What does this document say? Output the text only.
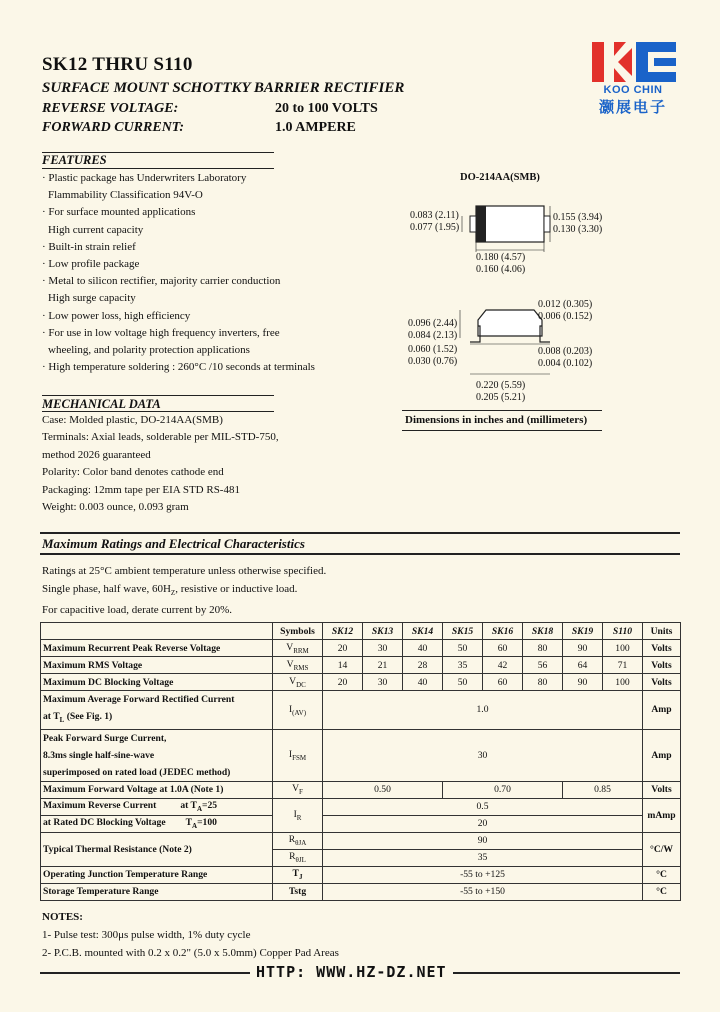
SK12 THRU S110
SURFACE MOUNT SCHOTTKY BARRIER RECTIFIER
REVERSE VOLTAGE:	20 to 100 VOLTS
FORWARD CURRENT:	1.0 AMPERE
KOO CHIN
灏展电子
FEATURES
· Plastic package has Underwriters Laboratory
Flammability Classification 94V-O
· For surface mounted applications
High current capacity
· Built-in strain relief
· Low profile package
· Metal to silicon rectifier, majority carrier conduction
High surge capacity
· Low power loss, high efficiency
· For use in low voltage high frequency inverters, free
wheeling, and polarity protection applications
· High temperature soldering : 260°C /10 seconds at terminals
MECHANICAL DATA
Case: Molded plastic, DO-214AA(SMB)
Terminals: Axial leads, solderable per MIL-STD-750,
method 2026 guaranteed
Polarity: Color band denotes cathode end
Packaging: 12mm tape per EIA STD RS-481
Weight: 0.003 ounce, 0.093 gram
DO-214AA(SMB)
0.083 (2.11)
0.077 (1.95)
0.155 (3.94)
0.130 (3.30)
0.180 (4.57)
0.160 (4.06)
0.012 (0.305)
0.006 (0.152)
0.096 (2.44)
0.084 (2.13)
0.060 (1.52)
0.030 (0.76)
0.008 (0.203)
0.004 (0.102)
0.220 (5.59)
0.205 (5.21)
Dimensions in inches and (millimeters)
Maximum Ratings and Electrical Characteristics
Ratings at 25°C ambient temperature unless otherwise specified.
Single phase, half wave, $60H_Z$, resistive or inductive load.
For capacitive load, derate current by 20%.
	Symbols	SK12	SK13	SK14	SK15	SK16	SK18	SK19	S110	Units
Maximum Recurrent Peak Reverse Voltage	$V_{RRM}$	20	30	40	50	60	80	90	100	Volts
Maximum RMS Voltage	$V_{RMS}$	14	21	28	35	42	56	64	71	Volts
Maximum DC Blocking Voltage	$V_{DC}$	20	30	40	50	60	80	90	100	Volts

Maximum Average Forward Rectified Current
at $T_L$ (See Fig. 1)	$I_{(AV)}$	1.0								Amp

Peak Forward Surge Current,
8.3ms single half-sine-wave
superimposed on rated load (JEDEC method)	$I_{FSM}$	30								Amp
Maximum Forward Voltage at 1.0A (Note 1)	$V_F$	0.50			0.70			0.85		Volts
Maximum Reverse Current at $T_A=25$	$I_R$	0.5								mAmp
at Rated DC Blocking Voltage $T_A=100$		20								
Typical Thermal Resistance (Note 2)	$R_{\theta JA}$	90								°C/W
	$R_{\theta JL}$	35								
Operating Junction Temperature Range	$T_J$	-55 to +125								°C
Storage Temperature Range	Tstg	-55 to +150								°C
NOTES:
1- Pulse test: 300μs pulse width, 1% duty cycle
2- P.C.B. mounted with 0.2 x 0.2" (5.0 x 5.0mm) Copper Pad Areas
HTTP: WWW.HZ-DZ.NET
